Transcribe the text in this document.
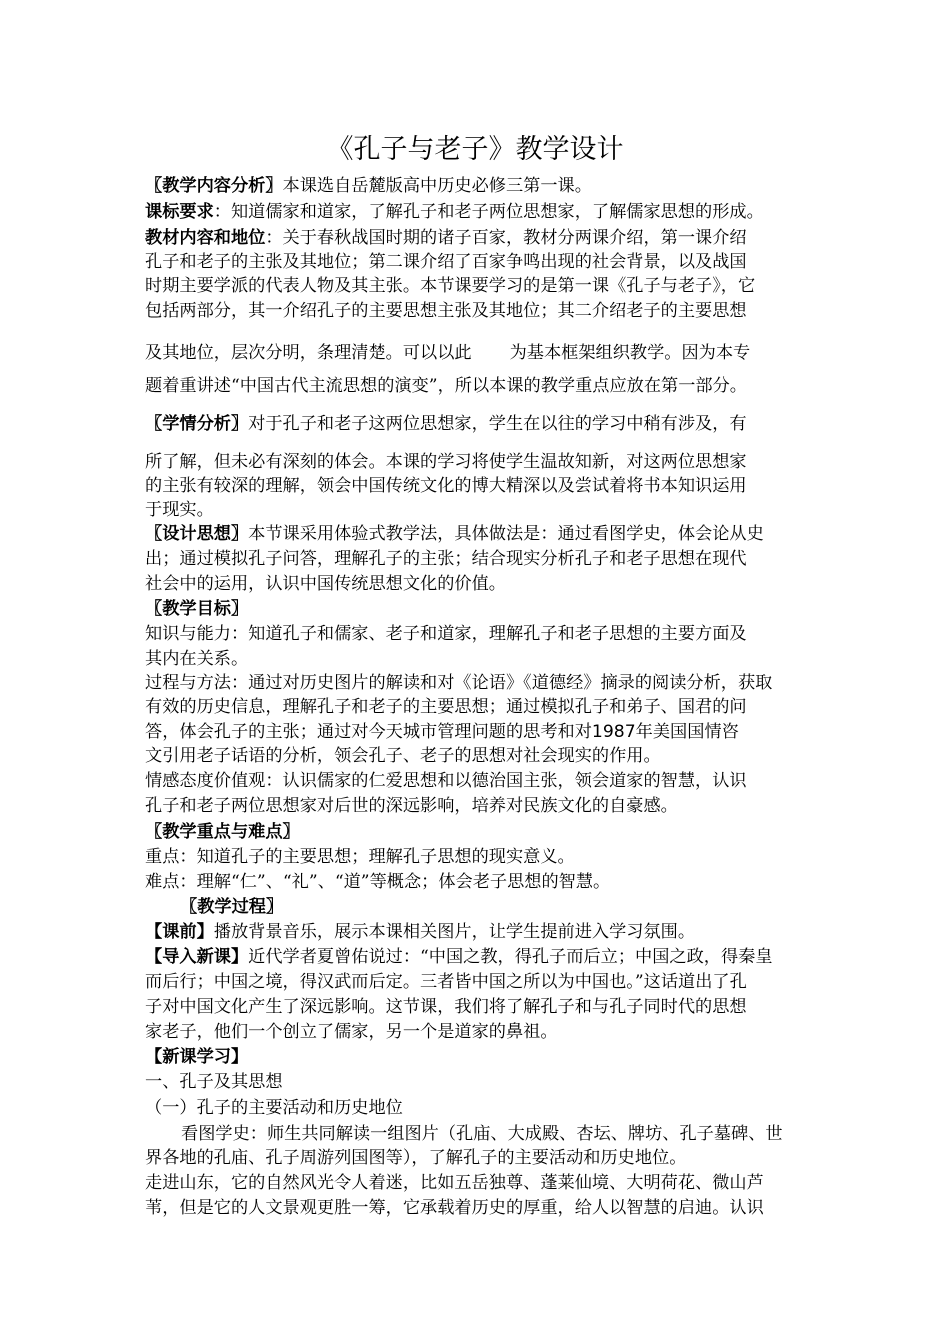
《孔子与老子》教学设计
〖教学内容分析〗本课选自岳麓版高中历史必修三第一课。
课标要求：知道儒家和道家，了解孔子和老子两位思想家，了解儒家思想的形成。
教材内容和地位：关于春秋战国时期的诸子百家，教材分两课介绍，第一课介绍
孔子和老子的主张及其地位；第二课介绍了百家争鸣出现的社会背景，以及战国
时期主要学派的代表人物及其主张。本节课要学习的是第一课《孔子与老子》，它
包括两部分，其一介绍孔子的主要思想主张及其地位；其二介绍老子的主要思想
及其地位，层次分明，条理清楚。可以以此 为基本框架组织教学。因为本专
题着重讲述“中国古代主流思想的演变”，所以本课的教学重点应放在第一部分。
〖学情分析〗对于孔子和老子这两位思想家，学生在以往的学习中稍有涉及，有
所了解，但未必有深刻的体会。本课的学习将使学生温故知新，对这两位思想家
的主张有较深的理解，领会中国传统文化的博大精深以及尝试着将书本知识运用
于现实。
〖设计思想〗本节课采用体验式教学法，具体做法是：通过看图学史，体会论从史
出；通过模拟孔子问答，理解孔子的主张；结合现实分析孔子和老子思想在现代
社会中的运用，认识中国传统思想文化的价值。
〖教学目标〗
知识与能力：知道孔子和儒家、老子和道家，理解孔子和老子思想的主要方面及
其内在关系。
过程与方法：通过对历史图片的解读和对《论语》《道德经》摘录的阅读分析，获取
有效的历史信息，理解孔子和老子的主要思想；通过模拟孔子和弟子、国君的问
答，体会孔子的主张；通过对今天城市管理问题的思考和对1987年美国国情咨
文引用老子话语的分析，领会孔子、老子的思想对社会现实的作用。
情感态度价值观：认识儒家的仁爱思想和以德治国主张，领会道家的智慧，认识
孔子和老子两位思想家对后世的深远影响，培养对民族文化的自豪感。
〖教学重点与难点〗
重点：知道孔子的主要思想；理解孔子思想的现实意义。
难点：理解“仁”、“礼”、“道”等概念；体会老子思想的智慧。
〖教学过程〗
【课前】播放背景音乐，展示本课相关图片，让学生提前进入学习氛围。
【导入新课】近代学者夏曾佑说过：“中国之教，得孔子而后立；中国之政，得秦皇
而后行；中国之境，得汉武而后定。三者皆中国之所以为中国也。”这话道出了孔
子对中国文化产生了深远影响。这节课，我们将了解孔子和与孔子同时代的思想
家老子，他们一个创立了儒家，另一个是道家的鼻祖。
【新课学习】
一、孔子及其思想
（一）孔子的主要活动和历史地位
看图学史：师生共同解读一组图片（孔庙、大成殿、杏坛、牌坊、孔子墓碑、世
界各地的孔庙、孔子周游列国图等），了解孔子的主要活动和历史地位。
走进山东，它的自然风光令人着迷，比如五岳独尊、蓬莱仙境、大明荷花、微山芦
苇，但是它的人文景观更胜一筹，它承载着历史的厚重，给人以智慧的启迪。认识
